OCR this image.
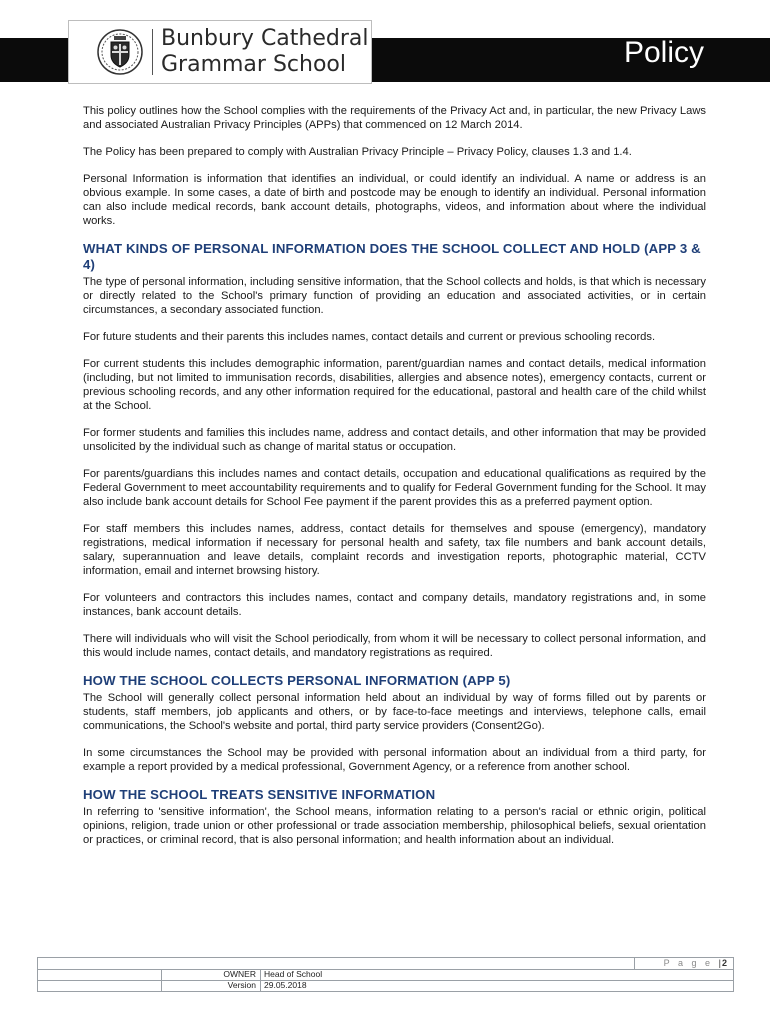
Policy
Bunbury Cathedral
Grammar School

This policy outlines how the School complies with the requirements of the Privacy Act and, in particular, the new Privacy Laws and associated Australian Privacy Principles (APPs) that commenced on 12 March 2014.

The Policy has been prepared to comply with Australian Privacy Principle – Privacy Policy, clauses 1.3 and 1.4.

Personal Information is information that identifies an individual, or could identify an individual. A name or address is an obvious example. In some cases, a date of birth and postcode may be enough to identify an individual. Personal information can also include medical records, bank account details, photographs, videos, and information about where the individual works.

WHAT KINDS OF PERSONAL INFORMATION DOES THE SCHOOL COLLECT AND HOLD (APP 3 & 4)

The type of personal information, including sensitive information, that the School collects and holds, is that which is necessary or directly related to the School's primary function of providing an education and associated activities, or in certain circumstances, a secondary associated function.

For future students and their parents this includes names, contact details and current or previous schooling records.

For current students this includes demographic information, parent/guardian names and contact details, medical information (including, but not limited to immunisation records, disabilities, allergies and absence notes), emergency contacts, current or previous schooling records, and any other information required for the educational, pastoral and health care of the child whilst at the School.

For former students and families this includes name, address and contact details, and other information that may be provided unsolicited by the individual such as change of marital status or occupation.

For parents/guardians this includes names and contact details, occupation and educational qualifications as required by the Federal Government to meet accountability requirements and to qualify for Federal Government funding for the School. It may also include bank account details for School Fee payment if the parent provides this as a preferred payment option.

For staff members this includes names, address, contact details for themselves and spouse (emergency), mandatory registrations, medical information if necessary for personal health and safety, tax file numbers and bank account details, salary, superannuation and leave details, complaint records and investigation reports, photographic material, CCTV information, email and internet browsing history.

For volunteers and contractors this includes names, contact and company details, mandatory registrations and, in some instances, bank account details.

There will individuals who will visit the School periodically, from whom it will be necessary to collect personal information, and this would include names, contact details, and mandatory registrations as required.

HOW THE SCHOOL COLLECTS PERSONAL INFORMATION (APP 5)

The School will generally collect personal information held about an individual by way of forms filled out by parents or students, staff members, job applicants and others, or by face-to-face meetings and interviews, telephone calls, email communications, the School's website and portal, third party service providers (Consent2Go).

In some circumstances the School may be provided with personal information about an individual from a third party, for example a report provided by a medical professional, Government Agency, or a reference from another school.

HOW THE SCHOOL TREATS SENSITIVE INFORMATION

In referring to 'sensitive information', the School means, information relating to a person's racial or ethnic origin, political opinions, religion, trade union or other professional or trade association membership, philosophical beliefs, sexual orientation or practices, or criminal record, that is also personal information; and health information about an individual.

P a g e | 2
OWNER Head of School
Version 29.05.2018
